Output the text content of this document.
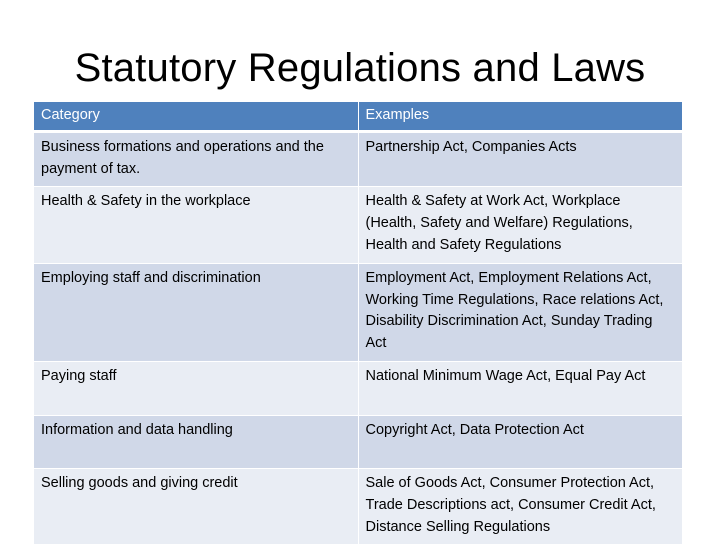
Statutory Regulations and Laws
Category	Examples
Business formations and operations and the payment of tax.	Partnership Act, Companies Acts
Health & Safety in the workplace	Health & Safety at Work Act, Workplace (Health, Safety and Welfare) Regulations, Health and Safety Regulations
Employing staff and discrimination	Employment Act, Employment Relations Act, Working Time Regulations, Race relations Act, Disability Discrimination Act, Sunday Trading Act
Paying staff	National Minimum Wage Act, Equal Pay Act
Information and data handling	Copyright Act, Data Protection Act
Selling goods and giving credit	Sale of Goods Act, Consumer Protection Act, Trade Descriptions act, Consumer Credit Act, Distance Selling Regulations
